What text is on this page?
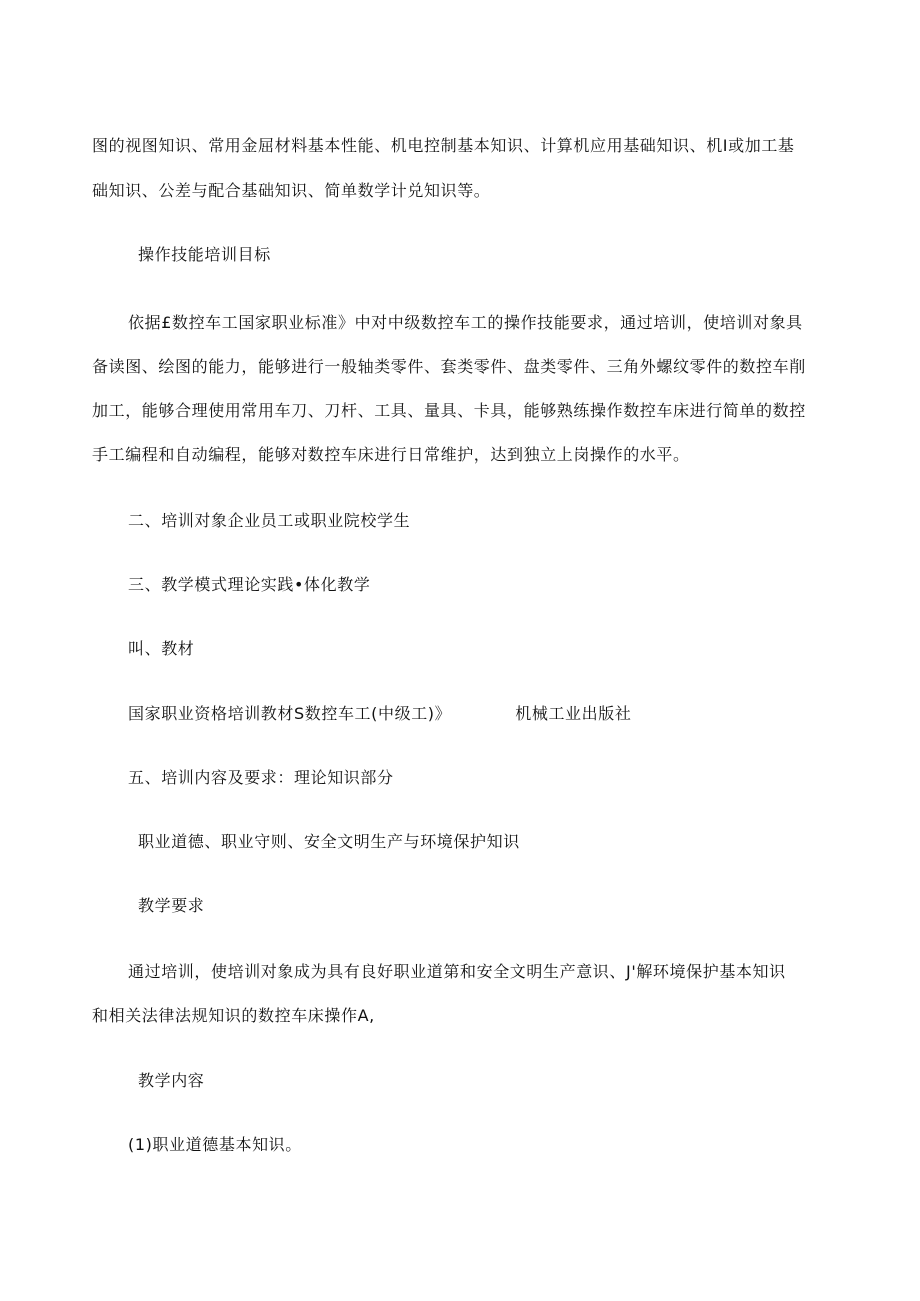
图的视图知识、常用金屈材料基本性能、机电控制基本知识、计算机应用基础知识、机I或加工基
础知识、公差与配合基础知识、简单数学计兑知识等。
操作技能培训目标
依据£数控车工国家职业标准》中对中级数控车工的操作技能要求，通过培训，使培训对象具
备读图、绘图的能力，能够进行一般轴类零件、套类零件、盘类零件、三角外螺纹零件的数控车削
加工，能够合理使用常用车刀、刀杆、工具、量具、卡具，能够熟练操作数控车床进行简单的数控
手工编程和自动编程，能够对数控车床进行日常维护，达到独立上岗操作的水平。
二、培训对象企业员工或职业院校学生
三、教学模式理论实践•体化教学
叫、教材
国家职业资格培训教材S数控车工(中级工)》	机械工业出版社
五、培训内容及要求：理论知识部分
职业道德、职业守则、安全文明生产与环境保护知识
教学要求
通过培训，使培训对象成为具有良好职业道第和安全文明生产意识、J'解环境保护基本知识
和相关法律法规知识的数控车床操作A,
教学内容
(1)职业道德基本知识。
